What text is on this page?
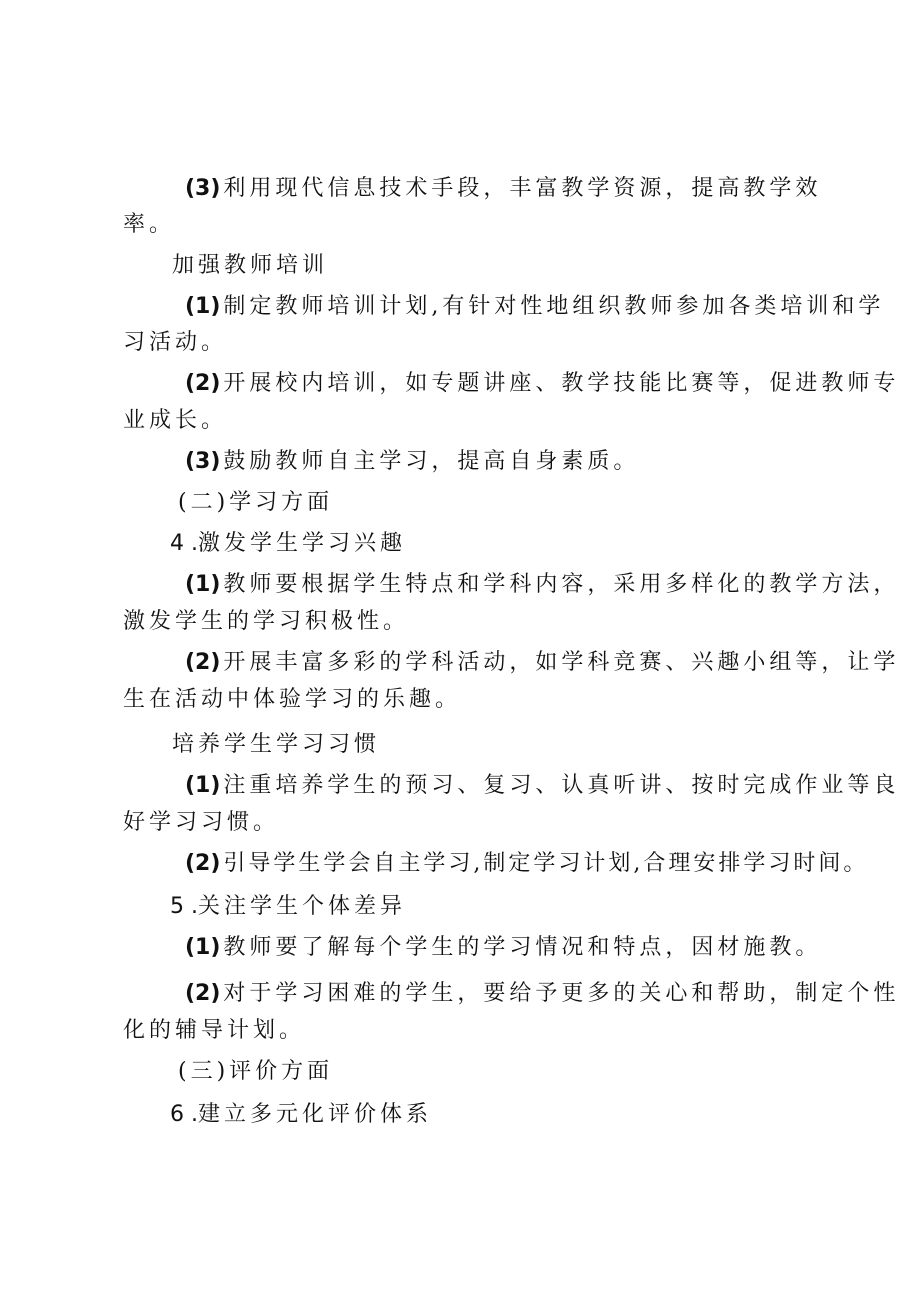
(3) 利用现代信息技术手段，丰富教学资源，提高教学效
率。
加强教师培训
(1) 制定教师培训计划,有针对性地组织教师参加各类培训和学
习活动。
(2) 开展校内培训，如专题讲座、教学技能比赛等，促进教师专
业成长。
(3) 鼓励教师自主学习，提高自身素质。
(二)学习方面
4 .激发学生学习兴趣
(1) 教师要根据学生特点和学科内容，采用多样化的教学方法，
激发学生的学习积极性。
(2) 开展丰富多彩的学科活动，如学科竞赛、兴趣小组等，让学
生在活动中体验学习的乐趣。
培养学生学习习惯
(1) 注重培养学生的预习、复习、认真听讲、按时完成作业等良
好学习习惯。
(2) 引导学生学会自主学习,制定学习计划,合理安排学习时间。
5 .关注学生个体差异
(1) 教师要了解每个学生的学习情况和特点，因材施教。
(2) 对于学习困难的学生，要给予更多的关心和帮助，制定个性
化的辅导计划。
(三)评价方面
6 .建立多元化评价体系
